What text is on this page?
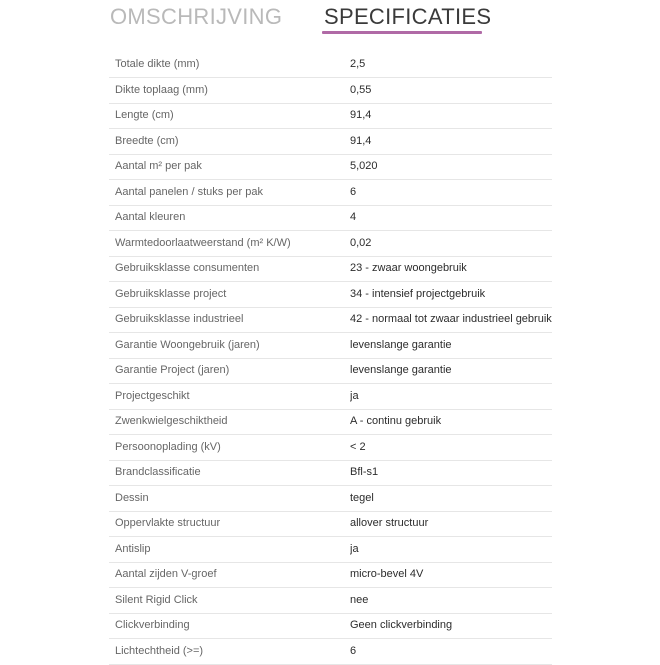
OMSCHRIJVING SPECIFICATIES
Totale dikte (mm)	2,5
Dikte toplaag (mm)	0,55
Lengte (cm)	91,4
Breedte (cm)	91,4
Aantal m² per pak	5,020
Aantal panelen / stuks per pak	6
Aantal kleuren	4
Warmtedoorlaatweerstand (m² K/W)	0,02
Gebruiksklasse consumenten	23 - zwaar woongebruik
Gebruiksklasse project	34 - intensief projectgebruik
Gebruiksklasse industrieel	42 - normaal tot zwaar industrieel gebruik
Garantie Woongebruik (jaren)	levenslange garantie
Garantie Project (jaren)	levenslange garantie
Projectgeschikt	ja
Zwenkwielgeschiktheid	A - continu gebruik
Persoonoplading (kV)	< 2
Brandclassificatie	Bfl-s1
Dessin	tegel
Oppervlakte structuur	allover structuur
Antislip	ja
Aantal zijden V-groef	micro-bevel 4V
Silent Rigid Click	nee
Clickverbinding	Geen clickverbinding
Lichtechtheid (>=)	6
